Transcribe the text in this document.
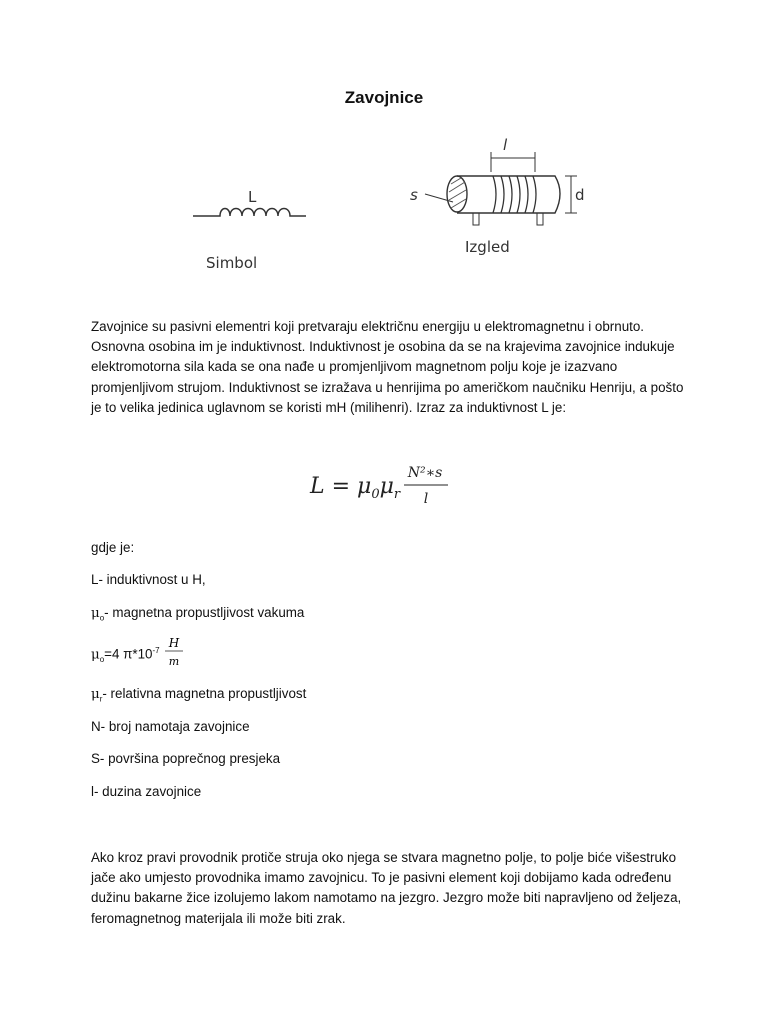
Zavojnice
L
Simbol
l
s	d
Izgled

Zavojnice su pasivni elementri koji pretvaraju električnu energiju u elektromagnetnu i obrnuto. Osnovna osobina im je induktivnost. Induktivnost je osobina da se na krajevima zavojnice indukuje elektromotorna sila kada se ona nađe u promjenljivom magnetnom polju koje je izazvano promjenljivom strujom. Induktivnost se izražava u henrijima po američkom naučniku Henriju, a pošto je to velika jedinica uglavnom se koristi mH (milihenri). Izraz za induktivnost L je:

$L = \mu_0\mu_r$
N²∗s
l

gdje je:

L- induktivnost u H,

$\mu_o-$ magnetna propustljivost vakuma

$\mu_o=4$ $\pi*10^{-7}$

H
m

$\mu_r-$ relativna magnetna propustljivost

N- broj namotaja zavojnice

S- površina poprečnog presjeka

l- duzina zavojnice

Ako kroz pravi provodnik protiče struja oko njega se stvara magnetno polje, to polje biće višestruko jače ako umjesto provodnika imamo zavojnicu. To je pasivni element koji dobijamo kada određenu dužinu bakarne žice izolujemo lakom namotamo na jezgro. Jezgro može biti napravljeno od željeza, feromagnetnog materijala ili može biti zrak.
